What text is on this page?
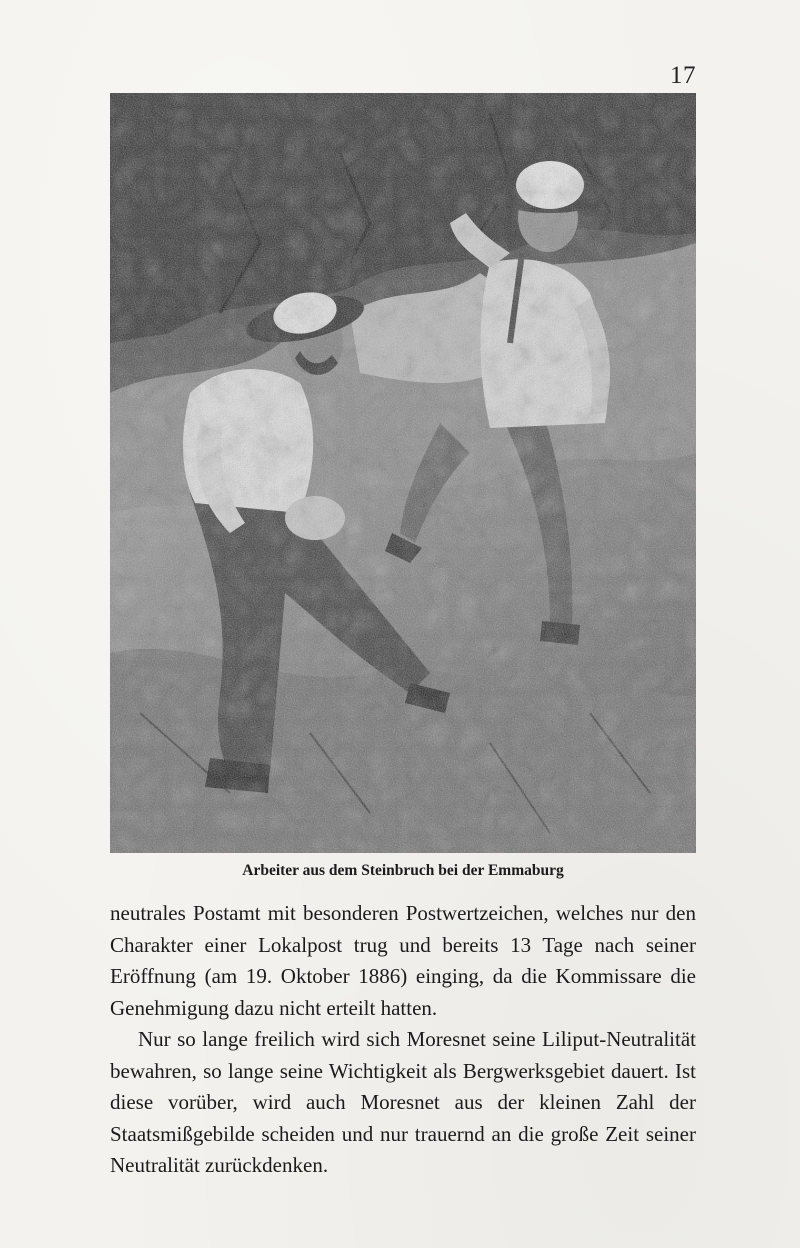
17
Arbeiter aus dem Steinbruch bei der Emmaburg

neutrales Postamt mit besonderen Postwertzeichen, welches nur den Charakter einer Lokalpost trug und bereits 13 Tage nach seiner Eröffnung (am 19. Oktober 1886) einging, da die Kommissare die Genehmigung dazu nicht erteilt hatten.

Nur so lange freilich wird sich Moresnet seine Liliput-Neutralität bewahren, so lange seine Wichtigkeit als Bergwerksgebiet dauert. Ist diese vorüber, wird auch Moresnet aus der kleinen Zahl der Staatsmißgebilde scheiden und nur trauernd an die große Zeit seiner Neutralität zurückdenken.
